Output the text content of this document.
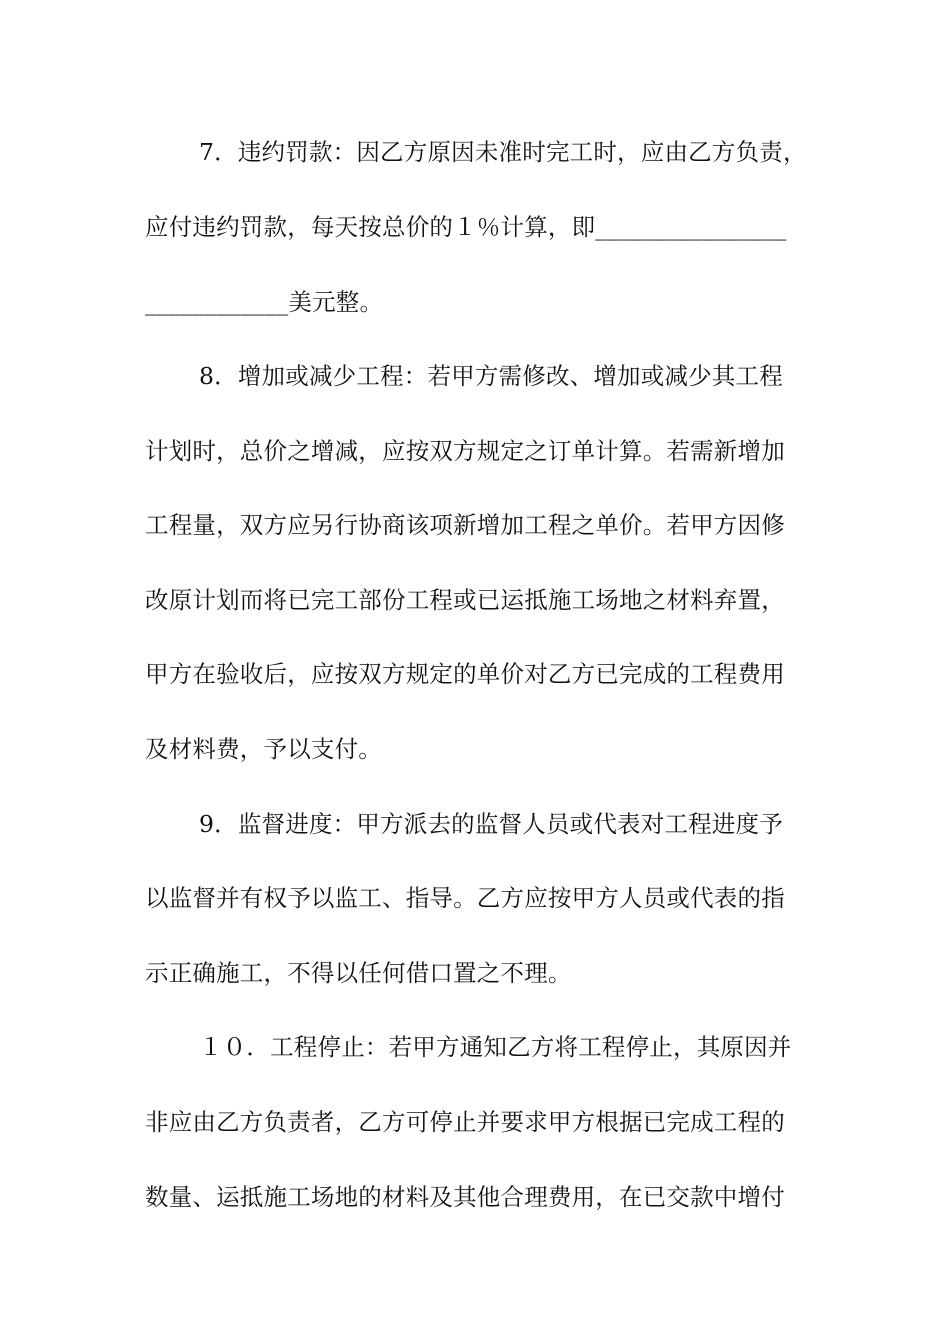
7．违约罚款：因乙方原因未准时完工时，应由乙方负责，
应付违约罚款，每天按总价的１％计算，即________________
____________美元整。
8．增加或减少工程：若甲方需修改、增加或减少其工程
计划时，总价之增减，应按双方规定之订单计算。若需新增加
工程量，双方应另行协商该项新增加工程之单价。若甲方因修
改原计划而将已完工部份工程或已运抵施工场地之材料弃置，
甲方在验收后，应按双方规定的单价对乙方已完成的工程费用
及材料费，予以支付。
9．监督进度：甲方派去的监督人员或代表对工程进度予
以监督并有权予以监工、指导。乙方应按甲方人员或代表的指
示正确施工，不得以任何借口置之不理。
１０．工程停止：若甲方通知乙方将工程停止，其原因并
非应由乙方负责者，乙方可停止并要求甲方根据已完成工程的
数量、运抵施工场地的材料及其他合理费用，在已交款中增付
